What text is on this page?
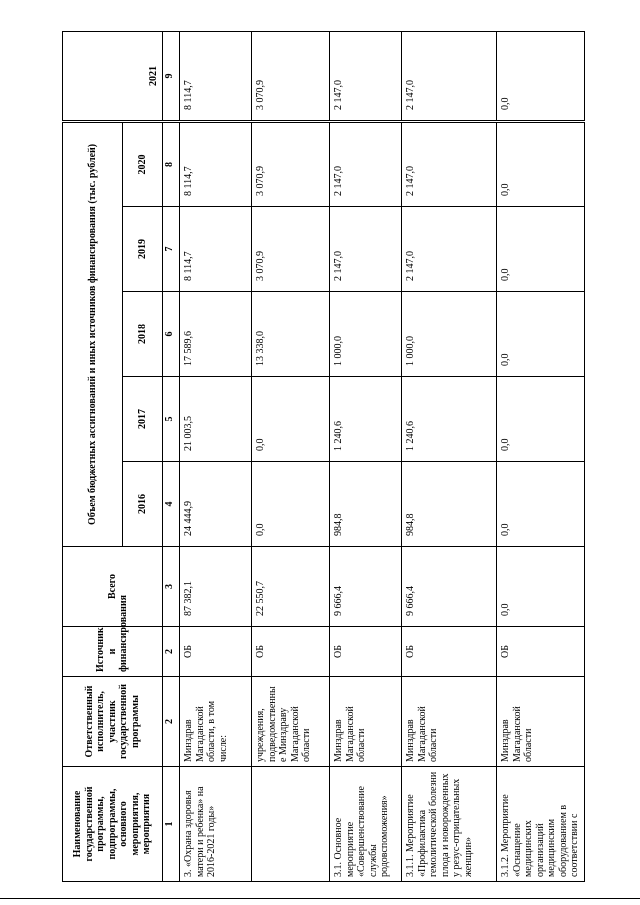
Наименование государственной программы, подпрограммы, основного мероприятия, мероприятия	Ответственный исполнитель, участник государственной программы	Источник и финансирования	Всего	Объем бюджетных ассигнований и иных источников финансирования (тыс. рублей)					2021
				2016	2017	2018	2019	2020	
1	2	2	3	4	5	6	7	8	9
3. «Охрана здоровья матери и ребенка» на 2016-2021 годы»	Минздрав Магаданской области, в том числе:	ОБ	87 382,1	24 444,9	21 003,5	17 589,6	8 114,7	8 114,7	8 114,7
	учреждения, подведомственны е Минздраву Магаданской области	ОБ	22 550,7	0,0	0,0	13 338,0	3 070,9	3 070,9	3 070,9
3.1. Основное мероприятие «Совершенствование службы родовспоможения»	Минздрав Магаданской области	ОБ	9 666,4	984,8	1 240,6	1 000,0	2 147,0	2 147,0	2 147,0
3.1.1. Мероприятие «Профилактика гемолитической болезни плода и новорожденных у резус-отрицательных женщин»	Минздрав Магаданской области	ОБ	9 666,4	984,8	1 240,6	1 000,0	2 147,0	2 147,0	2 147,0
3.1.2. Мероприятие «Оснащение медицинских организаций медицинским оборудованием в соответствии с	Минздрав Магаданской области	ОБ	0,0	0,0	0,0	0,0	0,0	0,0	0,0
